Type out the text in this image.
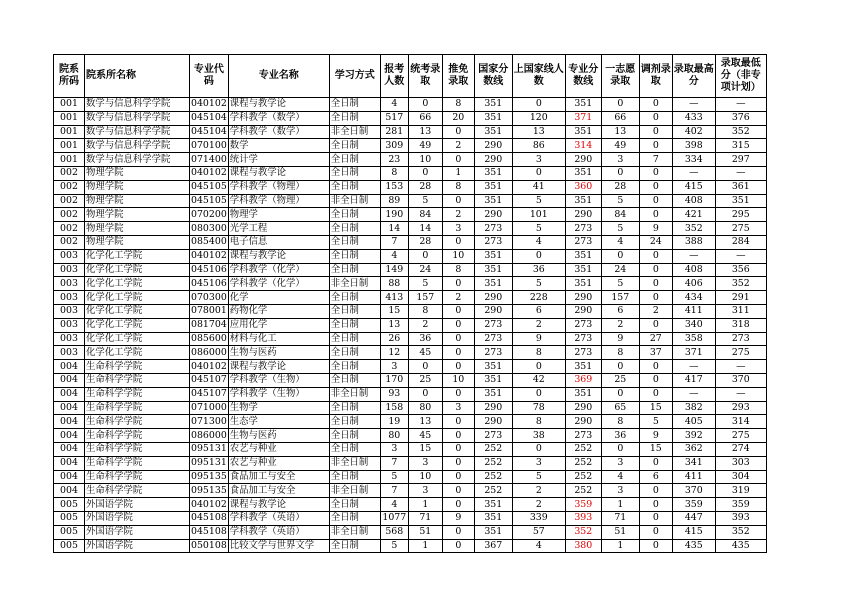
院系所码	院系所名称	专业代码	专业名称	学习方式	报考人数	统考录取	推免录取	国家分数线	上国家线人数	专业分数线	一志愿录取	调剂录取	录取最高分	录取最低分（非专项计划）
001	数学与信息科学学院	040102	课程与教学论	全日制	4	0	8	351	0	351	0	0	—	—
001	数学与信息科学学院	045104	学科教学（数学）	全日制	517	66	20	351	120	371	66	0	433	376
001	数学与信息科学学院	045104	学科教学（数学）	非全日制	281	13	0	351	13	351	13	0	402	352
001	数学与信息科学学院	070100	数学	全日制	309	49	2	290	86	314	49	0	398	315
001	数学与信息科学学院	071400	统计学	全日制	23	10	0	290	3	290	3	7	334	297
002	物理学院	040102	课程与教学论	全日制	8	0	1	351	0	351	0	0	—	—
002	物理学院	045105	学科教学（物理）	全日制	153	28	8	351	41	360	28	0	415	361
002	物理学院	045105	学科教学（物理）	非全日制	89	5	0	351	5	351	5	0	408	351
002	物理学院	070200	物理学	全日制	190	84	2	290	101	290	84	0	421	295
002	物理学院	080300	光学工程	全日制	14	14	3	273	5	273	5	9	352	275
002	物理学院	085400	电子信息	全日制	7	28	0	273	4	273	4	24	388	284
003	化学化工学院	040102	课程与教学论	全日制	4	0	10	351	0	351	0	0	—	—
003	化学化工学院	045106	学科教学（化学）	全日制	149	24	8	351	36	351	24	0	408	356
003	化学化工学院	045106	学科教学（化学）	非全日制	88	5	0	351	5	351	5	0	406	352
003	化学化工学院	070300	化学	全日制	413	157	2	290	228	290	157	0	434	291
003	化学化工学院	078001	药物化学	全日制	15	8	0	290	6	290	6	2	411	311
003	化学化工学院	081704	应用化学	全日制	13	2	0	273	2	273	2	0	340	318
003	化学化工学院	085600	材料与化工	全日制	26	36	0	273	9	273	9	27	358	273
003	化学化工学院	086000	生物与医药	全日制	12	45	0	273	8	273	8	37	371	275
004	生命科学学院	040102	课程与教学论	全日制	3	0	0	351	0	351	0	0	—	—
004	生命科学学院	045107	学科教学（生物）	全日制	170	25	10	351	42	369	25	0	417	370
004	生命科学学院	045107	学科教学（生物）	非全日制	93	0	0	351	0	351	0	0	—	—
004	生命科学学院	071000	生物学	全日制	158	80	3	290	78	290	65	15	382	293
004	生命科学学院	071300	生态学	全日制	19	13	0	290	8	290	8	5	405	314
004	生命科学学院	086000	生物与医药	全日制	80	45	0	273	38	273	36	9	392	275
004	生命科学学院	095131	农艺与种业	全日制	3	15	0	252	0	252	0	15	362	274
004	生命科学学院	095131	农艺与种业	非全日制	7	3	0	252	3	252	3	0	341	303
004	生命科学学院	095135	食品加工与安全	全日制	5	10	0	252	5	252	4	6	411	304
004	生命科学学院	095135	食品加工与安全	非全日制	7	3	0	252	2	252	3	0	370	319
005	外国语学院	040102	课程与教学论	全日制	4	1	0	351	2	359	1	0	359	359
005	外国语学院	045108	学科教学（英语）	全日制	1077	71	9	351	339	393	71	0	447	393
005	外国语学院	045108	学科教学（英语）	非全日制	568	51	0	351	57	352	51	0	415	352
005	外国语学院	050108	比较文学与世界文学	全日制	5	1	0	367	4	380	1	0	435	435
